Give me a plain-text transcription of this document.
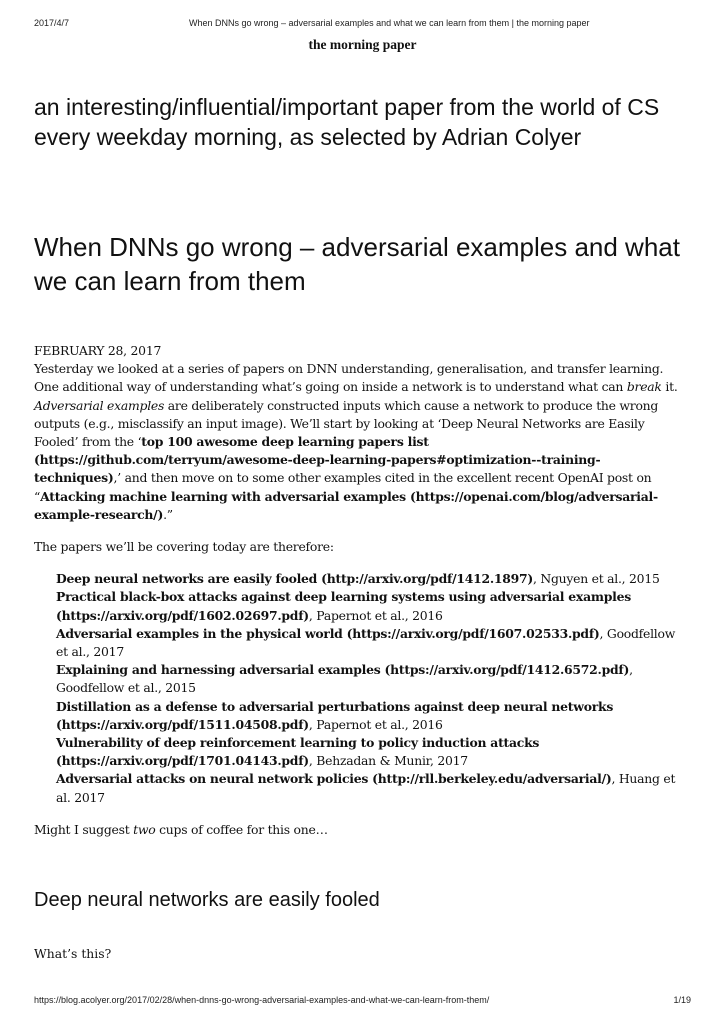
2017/4/7	When DNNs go wrong – adversarial examples and what we can learn from them | the morning paper
the morning paper
an interesting/influential/important paper from the world of CS every weekday morning, as selected by Adrian Colyer
When DNNs go wrong – adversarial examples and what we can learn from them

FEBRUARY 28, 2017

Yesterday we looked at a series of papers on DNN understanding, generalisation, and transfer learning. One additional way of understanding what’s going on inside a network is to understand what can break it. Adversarial examples are deliberately constructed inputs which cause a network to produce the wrong outputs (e.g., misclassify an input image). We’ll start by looking at ‘Deep Neural Networks are Easily Fooled’ from the ‘top 100 awesome deep learning papers list (https://github.com/terryum/awesome-deep-learning-papers#optimization--training-techniques),’ and then move on to some other examples cited in the excellent recent OpenAI post on “Attacking machine learning with adversarial examples (https://openai.com/blog/adversarial-example-research/).”

The papers we’ll be covering today are therefore:

Deep neural networks are easily fooled (http://arxiv.org/pdf/1412.1897), Nguyen et al., 2015
Practical black-box attacks against deep learning systems using adversarial examples (https://arxiv.org/pdf/1602.02697.pdf), Papernot et al., 2016
Adversarial examples in the physical world (https://arxiv.org/pdf/1607.02533.pdf), Goodfellow et al., 2017
Explaining and harnessing adversarial examples (https://arxiv.org/pdf/1412.6572.pdf), Goodfellow et al., 2015
Distillation as a defense to adversarial perturbations against deep neural networks (https://arxiv.org/pdf/1511.04508.pdf), Papernot et al., 2016
Vulnerability of deep reinforcement learning to policy induction attacks (https://arxiv.org/pdf/1701.04143.pdf), Behzadan & Munir, 2017
Adversarial attacks on neural network policies (http://rll.berkeley.edu/adversarial/), Huang et al. 2017

Might I suggest two cups of coffee for this one…

Deep neural networks are easily fooled
What’s this?
https://blog.acolyer.org/2017/02/28/when-dnns-go-wrong-adversarial-examples-and-what-we-can-learn-from-them/	1/19
